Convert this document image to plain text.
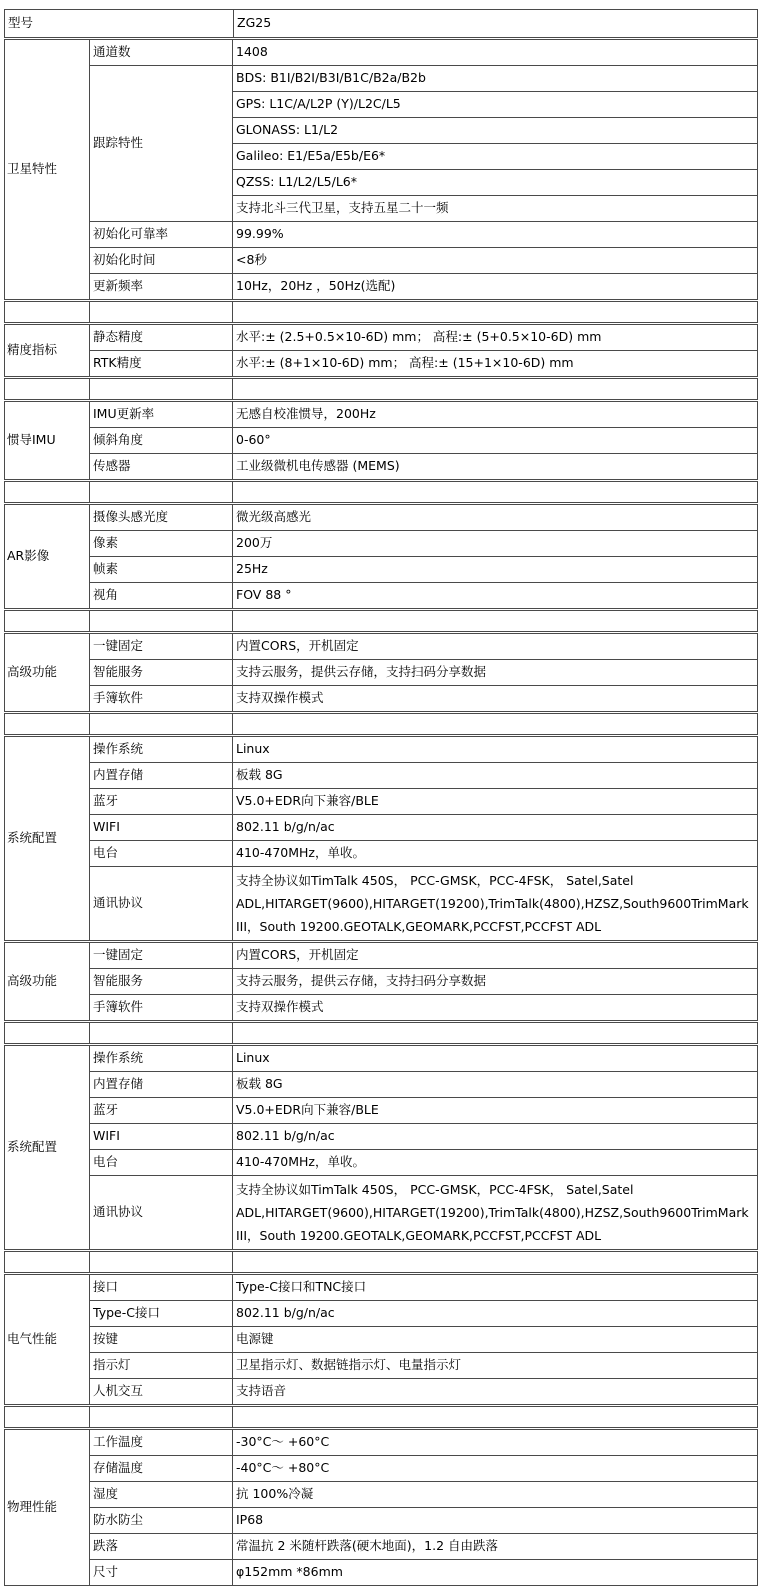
型号	ZG25
卫星特性	通道数	1408
	跟踪特性	BDS: B1I/B2I/B3I/B1C/B2a/B2b
		GPS: L1C/A/L2P (Y)/L2C/L5
		GLONASS: L1/L2
		Galileo: E1/E5a/E5b/E6*
		QZSS: L1/L2/L5/L6*
		支持北斗三代卫星，支持五星二十一频
	初始化可靠率	99.99%
	初始化时间	<8秒
	更新频率	10Hz，20Hz ，50Hz(选配)

精度指标	静态精度	水平:± (2.5+0.5×10-6D) mm； 高程:± (5+0.5×10-6D) mm
	RTK精度	水平:± (8+1×10-6D) mm； 高程:± (15+1×10-6D) mm

惯导IMU	IMU更新率	无感自校准惯导，200Hz
	倾斜角度	0-60°
	传感器	工业级微机电传感器 (MEMS)

AR影像	摄像头感光度	微光级高感光
	像素	200万
	帧素	25Hz
	视角	FOV 88 °

高级功能	一键固定	内置CORS，开机固定
	智能服务	支持云服务，提供云存储，支持扫码分享数据
	手簿软件	支持双操作模式

系统配置	操作系统	Linux
	内置存储	板载 8G
	蓝牙	V5.0+EDR向下兼容/BLE
	WIFI	802.11 b/g/n/ac
	电台	410-470MHz，单收。
	通讯协议	支持全协议如TimTalk 450S， PCC-GMSK，PCC-4FSK， Satel,Satel ADL,HITARGET(9600),HITARGET(19200),TrimTalk(4800),HZSZ,South9600TrimMark III，South 19200.GEOTALK,GEOMARK,PCCFST,PCCFST ADL
高级功能	一键固定	内置CORS，开机固定
	智能服务	支持云服务，提供云存储，支持扫码分享数据
	手簿软件	支持双操作模式

系统配置	操作系统	Linux
	内置存储	板载 8G
	蓝牙	V5.0+EDR向下兼容/BLE
	WIFI	802.11 b/g/n/ac
	电台	410-470MHz，单收。
	通讯协议	支持全协议如TimTalk 450S， PCC-GMSK，PCC-4FSK， Satel,Satel ADL,HITARGET(9600),HITARGET(19200),TrimTalk(4800),HZSZ,South9600TrimMark III，South 19200.GEOTALK,GEOMARK,PCCFST,PCCFST ADL

电气性能	接口	Type-C接口和TNC接口
	Type-C接口	802.11 b/g/n/ac
	按键	电源键
	指示灯	卫星指示灯、数据链指示灯、电量指示灯
	人机交互	支持语音

物理性能	工作温度	-30°C～ +60°C
	存储温度	-40°C～ +80°C
	湿度	抗 100%冷凝
	防水防尘	IP68
	跌落	常温抗 2 米随杆跌落(硬木地面)，1.2 自由跌落
	尺寸	φ152mm *86mm
